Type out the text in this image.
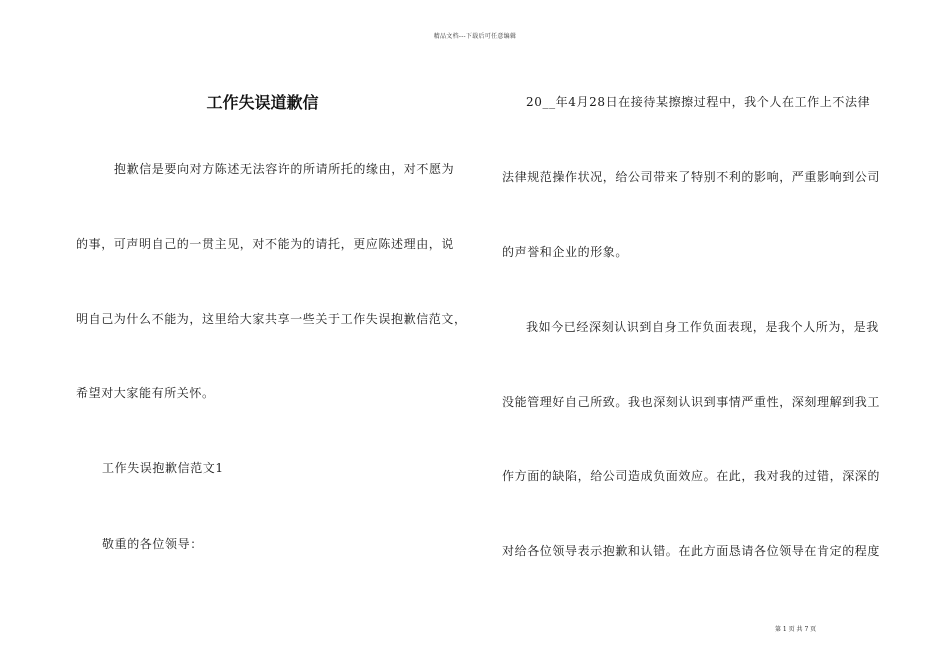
精品文档---下载后可任意编辑
工作失误道歉信
抱歉信是要向对方陈述无法容许的所请所托的缘由，对不愿为
的事，可声明自己的一贯主见，对不能为的请托，更应陈述理由，说
明自己为什么不能为，这里给大家共享一些关于工作失误抱歉信范文，
希望对大家能有所关怀。
工作失误抱歉信范文1
敬重的各位领导：
20__年4月28日在接待某擦擦过程中，我个人在工作上不法律
法律规范操作状况，给公司带来了特别不利的影响，严重影响到公司
的声誉和企业的形象。
我如今已经深刻认识到自身工作负面表现，是我个人所为，是我
没能管理好自己所致。我也深刻认识到事情严重性，深刻理解到我工
作方面的缺陷，给公司造成负面效应。在此，我对我的过错，深深的
对给各位领导表示抱歉和认错。在此方面恳请各位领导在肯定的程度
第 1 页 共 7 页
